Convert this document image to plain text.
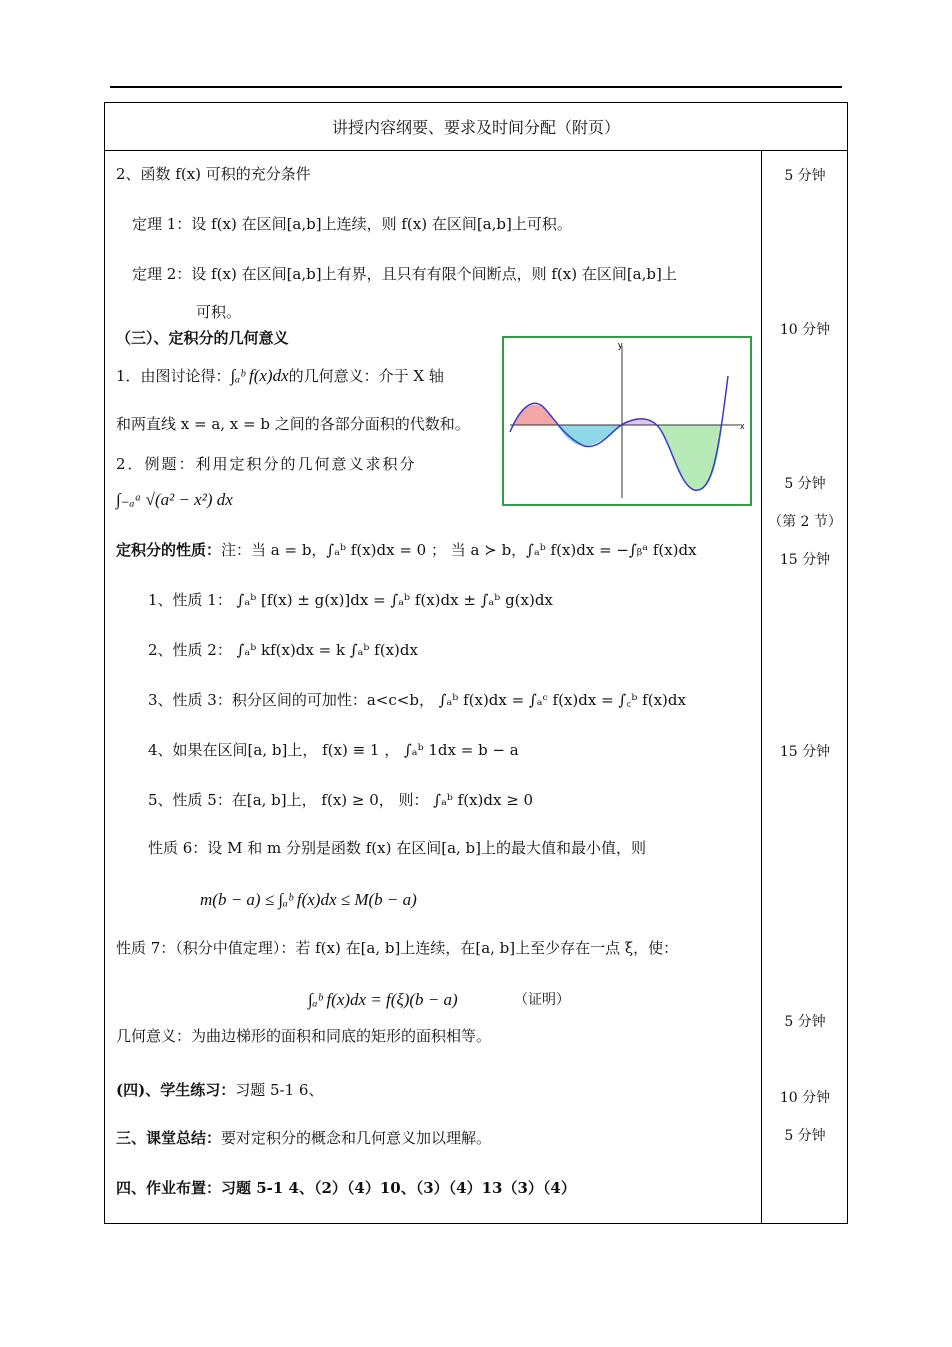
讲授内容纲要、要求及时间分配（附页）
2、函数 f(x) 可积的充分条件
定理 1：设 f(x) 在区间[a,b]上连续，则 f(x) 在区间[a,b]上可积。
定理 2：设 f(x) 在区间[a,b]上有界，且只有有限个间断点，则 f(x) 在区间[a,b]上
可积。
（三）、定积分的几何意义
1．由图讨论得：∫ₐᵇ f(x)dx的几何意义：介于 X 轴
和两直线 x = a, x = b 之间的各部分面积的代数和。
2．例题：利用定积分的几何意义求积分
∫₋ₐᵃ √(a² − x²) dx
y
x
定积分的性质：注：当 a = b，∫ₐᵇ f(x)dx = 0 ； 当 a ≻ b，∫ₐᵇ f(x)dx = −∫ᵦᵃ f(x)dx
1、性质 1： ∫ₐᵇ [f(x) ± g(x)]dx = ∫ₐᵇ f(x)dx ± ∫ₐᵇ g(x)dx
2、性质 2： ∫ₐᵇ kf(x)dx = k ∫ₐᵇ f(x)dx
3、性质 3：积分区间的可加性：a<c<b， ∫ₐᵇ f(x)dx = ∫ₐᶜ f(x)dx = ∫꜀ᵇ f(x)dx
4、如果在区间[a, b]上， f(x) ≡ 1 ， ∫ₐᵇ 1dx = b − a
5、性质 5：在[a, b]上， f(x) ≥ 0， 则： ∫ₐᵇ f(x)dx ≥ 0
性质 6：设 M 和 m 分别是函数 f(x) 在区间[a, b]上的最大值和最小值，则
m(b − a) ≤ ∫ₐᵇ f(x)dx ≤ M(b − a)
性质 7：（积分中值定理）：若 f(x) 在[a, b]上连续，在[a, b]上至少存在一点 ξ，使：
∫ₐᵇ f(x)dx = f(ξ)(b − a)	（证明）
几何意义：为曲边梯形的面积和同底的矩形的面积相等。
(四)、学生练习：习题 5-1 6、
三、课堂总结：要对定积分的概念和几何意义加以理解。
四、作业布置：习题 5-1 4、（2）（4）10、（3）（4）13（3）（4）
5 分钟
10 分钟
5 分钟
（第 2 节）
15 分钟
15 分钟
5 分钟
10 分钟
5 分钟
